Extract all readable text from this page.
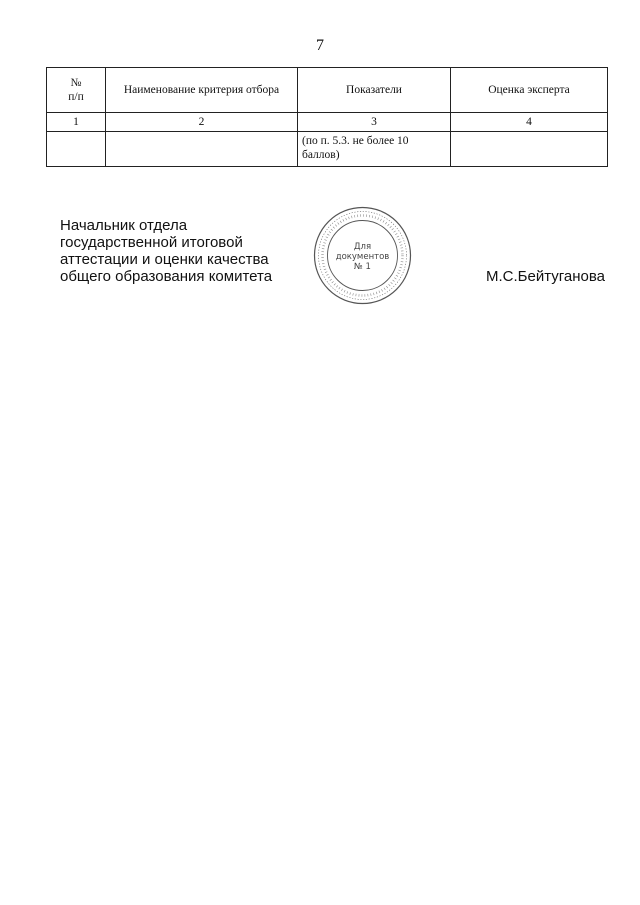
7
№
п/п	Наименование критерия отбора	Показатели	Оценка эксперта
1	2	3	4
		(по п. 5.3. не более 10 баллов)	
Начальник отдела
государственной итоговой
аттестации и оценки качества
общего образования комитета	М.С.Бейтуганова
Для
документов
№ 1
